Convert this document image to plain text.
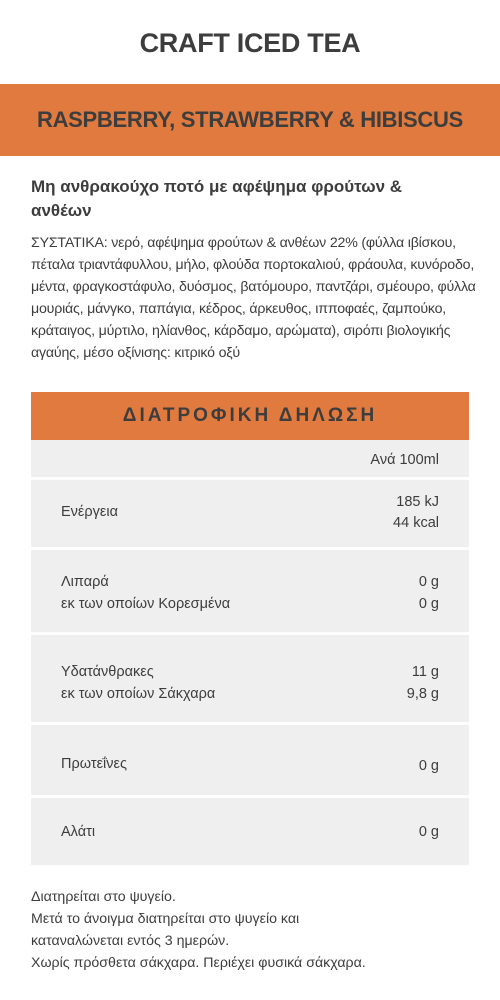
CRAFT ICED TEA
RASPBERRY, STRAWBERRY & HIBISCUS
Μη ανθρακούχο ποτό με αφέψημα φρούτων & ανθέων
ΣΥΣΤΑΤΙΚΑ: νερό, αφέψημα φρούτων & ανθέων 22% (φύλλα ιβίσκου, πέταλα τριαντάφυλλου, μήλο, φλούδα πορτοκαλιού, φράουλα, κυνόροδο, μέντα, φραγκοστάφυλο, δυόσμος, βατόμουρο, παντζάρι, σμέουρο, φύλλα μουριάς, μάνγκο, παπάγια, κέδρος, άρκευθος, ιπποφαές, ζαμπούκο, κράταιγος, μύρτιλο, ηλίανθος, κάρδαμο, αρώματα), σιρόπι βιολογικής αγαύης, μέσο οξίνισης: κιτρικό οξύ
ΔΙΑΤΡΟΦΙΚΗ ΔΗΛΩΣΗ
Ανά 100ml
Ενέργεια
185 kJ
44 kcal
Λιπαρά
εκ των οποίων Κορεσμένα
0 g
0 g
Υδατάνθρακες
εκ των οποίων Σάκχαρα
11 g
9,8 g
Πρωτεΐνες	0 g
Αλάτι	0 g
Διατηρείται στο ψυγείο.
Μετά το άνοιγμα διατηρείται στο ψυγείο και
καταναλώνεται εντός 3 ημερών.
Χωρίς πρόσθετα σάκχαρα. Περιέχει φυσικά σάκχαρα.
